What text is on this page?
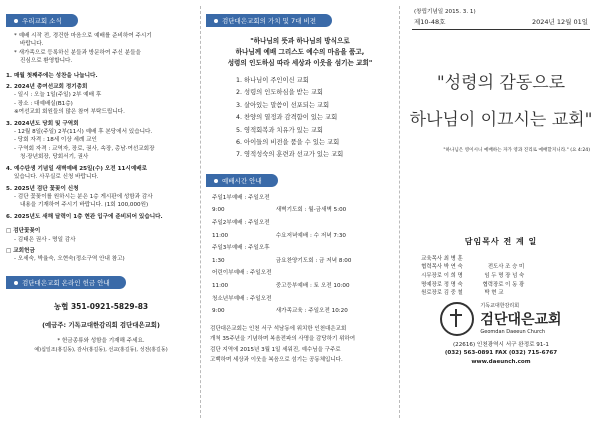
우리교회 소식

* 예배 시작 전, 경건한 마음으로 예배를 준비하여 주시기

바랍니다.

* 새가족으로 등록하신 분들과 방문하여 주신 분들을

진심으로 환영합니다.

1. 매월 첫째주에는 성찬을 나눕니다.

2. 2024년 총여선교회 정기총회

- 일시 : 오늘 1일(주일) 2부 예배 후

- 장소 : 대예배실(B1층)

※여선교회 회원들의 많은 참여 부탁드립니다.

3. 2024년도 당회 및 구역회

- 12월 8일(주일) 2부(11시) 예배 후 본당에서 있습니다.

- 당회 자격 : 18세 이상 세례 교인

- 구역회 자격 : 교역자, 장로, 권사, 속장, 총남·여선교회장

청·장년회장, 당회서기, 권사

4. 예수탄생 기념일 새벽예배 25일(수) 오전 11시예배로

있습니다. 사무실로 신청 바랍니다.

5. 2025년 검단 꽃꽂이 신청

- 검단 꽃꽂이를 원하시는 분은 1층 게시판에 성함과 감사

내용을 기재하여 주시기 바랍니다. (1회 100,000원)

6. 2025년도 새해 달력이 1층 현관 입구에 준비되어 있습니다.

□ 검단꽃꽂이

- 김태은 권사 - 명일 감사

□ 교회헌금

- 오세숙, 박율숙, 오현숙(정소구역 안내 참고)

검단대은교회 온라인 헌금 안내

농협 351-0921-5829-83

(예금주: 기독교대한감리회 검단대은교회)

* 헌금종류와 성함을 기재해 주세요.

예)십일조(홍길동), 감사(홍길동), 선교(홍길동), 성전(홍길동)

검단대은교회의 가치 및 7대 비전

"하나님의 뜻과 하나님의 방식으로

하나님께 예배 그리스도 예수의 마음을 품고,

성령의 인도하심 따라 세상과 이웃을 섬기는 교회"

1. 하나님이 주인이신 교회
2. 성령의 인도하심을 받는 교회
3. 살아있는 말씀이 선포되는 교회
4. 찬양의 열정과 감격함이 있는 교회
5. 영적회복과 치유가 있는 교회
6. 아이들의 비전을 품을 수 있는 교회
7. 영적성숙의 훈련과 선교가 있는 교회
예배시간 안내
주일1부예배 : 주일오전 9:00	새벽기도회 : 월-금새벽 5:00
주일2부예배 : 주일오전 11:00	수요저녁예배 : 수 저녁 7:30
주일3부예배 : 주일오후 1:30	금요찬양기도회 : 금 저녁 8:00
어린이부예배 : 주일오전 11:00	중고등부예배 : 토 오전 10:00
청소년부예배 : 주일오전 9:00	새가족교육 : 주일오전 10:20
검단대은교회는 인천 서구 석남동에 위치한 인천대은교회
개척 35주년을 기념하며 복음전파의 사명을 감당하기 위하여
검단 지역에 2015년 3월 1일 세워진, 예수님을 구주로
고백하며 세상과 이웃을 복음으로 섬기는 공동체입니다.

(창립기념일 2015. 3. 1)

제10-48호	2024년 12월 01일

"성령의 감동으로

하나님이 이끄시는 교회"

"하나님은 영이시니 예배하는 자가 영과 진리로 예배할지니라." (요 4:24)

담임목사 전 계 일

교육목사 최 병 훈
협력목사 박 연 숙	전도사 조 승 미
시무장로 이 희 명	임 두 명 장 넘 숙
명예장로 정 명 숙	협력장로 이 동 광
원로장로 김 중 철	박 현 교
기독교대한감리회
검단대은교회
Geomdan Daeeun Church

(22616) 인천광역시 서구 완정로 91-1

(032) 563-0891 FAX (032) 715-6767

www.daeunch.com
